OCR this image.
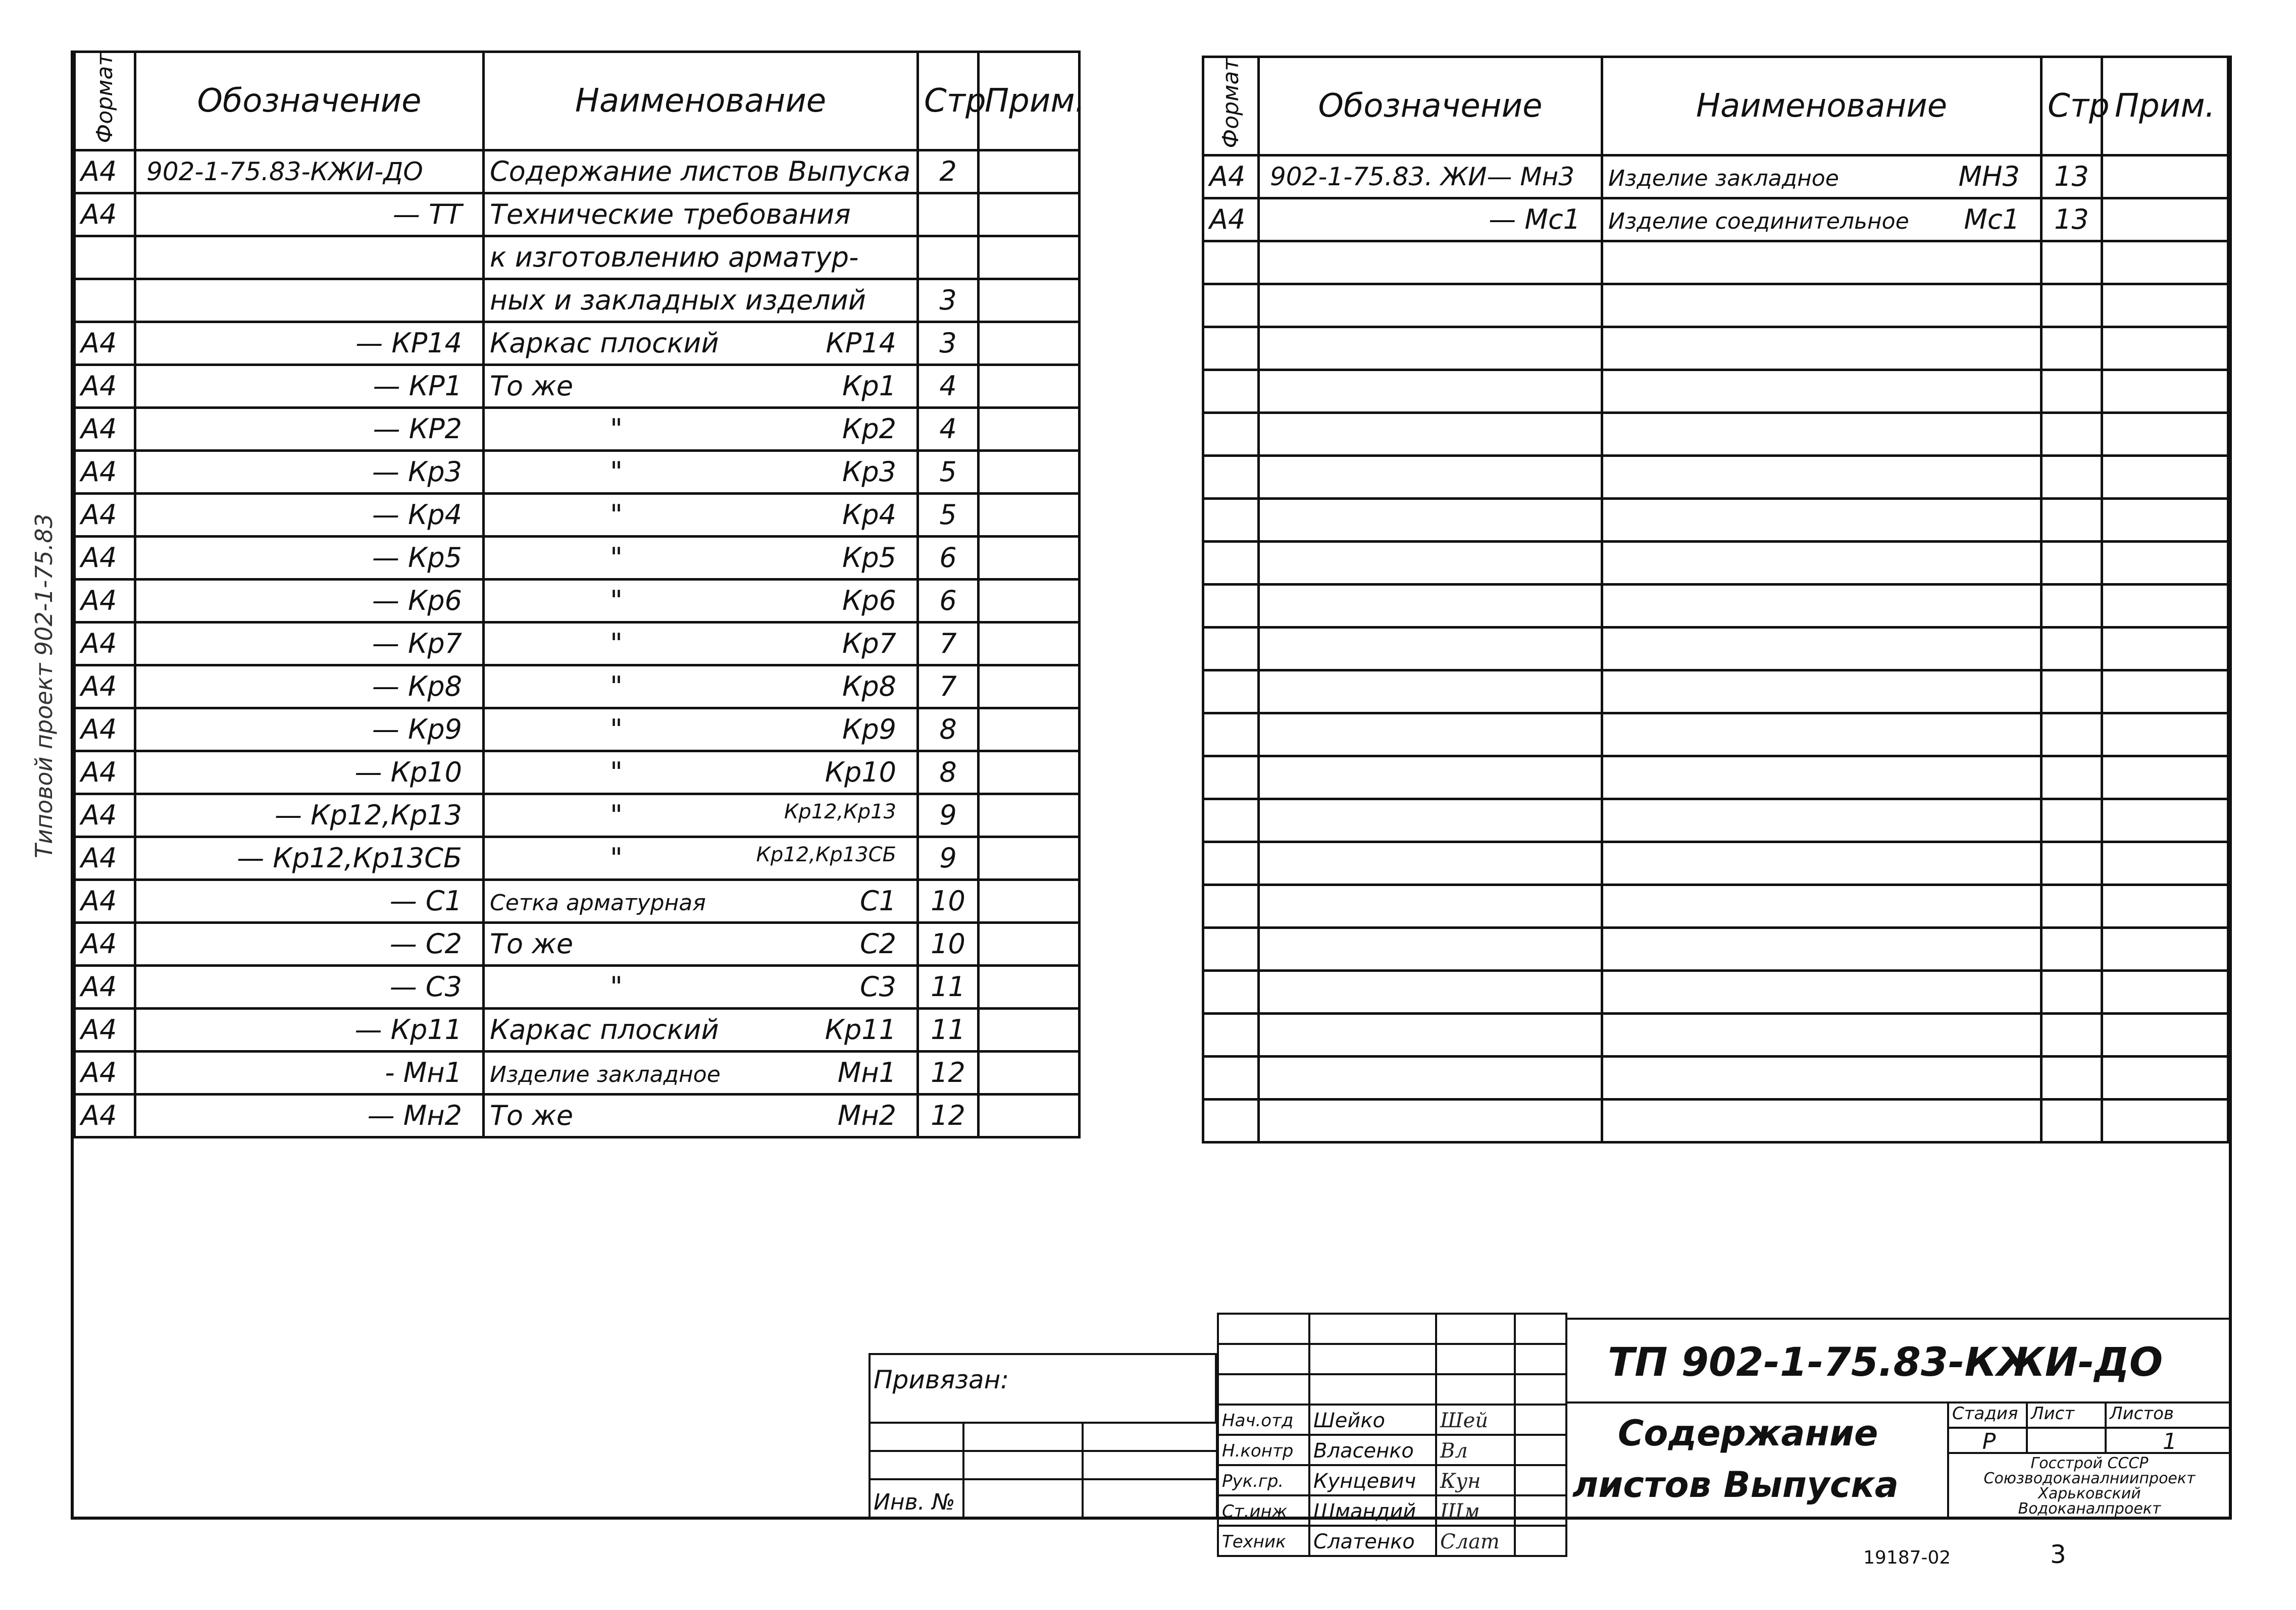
Типовой проект 902-1-75.83
Формат	Обозначение	Наименование	Стр	Прим.
А4	902-1-75.83-КЖИ-ДО	Содержание листов Выпуска	2	
А4	— ТТ	Технические требования		
		к изготовлению арматур-		
		ных и закладных изделий	3	
А4	— КР14	Каркас плоский КР14	3	
А4	— КР1	То же Кр1	4	
А4	— КР2	" Кр2	4	
А4	— Кр3	" Кр3	5	
А4	— Кр4	" Кр4	5	
А4	— Кр5	" Кр5	6	
А4	— Кр6	" Кр6	6	
А4	— Кр7	" Кр7	7	
А4	— Кр8	" Кр8	7	
А4	— Кр9	" Кр9	8	
А4	— Кр10	" Кр10	8	
А4	— Кр12,Кр13	" Кр12,Кр13	9	
А4	— Кр12,Кр13СБ	" Кр12,Кр13СБ	9	
А4	— С1	Сетка арматурная С1	10	
А4	— С2	То же С2	10	
А4	— С3	" С3	11	
А4	— Кр11	Каркас плоский Кр11	11	
А4	- Мн1	Изделие закладное Мн1	12	
А4	— Мн2	То же Мн2	12	
Формат	Обозначение	Наименование	Стр	Прим.
А4	902-1-75.83. ЖИ— Мн3	Изделие закладное МН3	13	
А4	— Мс1	Изделие соединительное Мс1	13	

Привязан:
Инв. №
Нач.отд Шейко	Шей
Н.контр Власенко	Вл
Рук.гр.	Кунцевич	Кун
Ст.инж	Шмандий	Шм
Техник	Слатенко	Слат
ТП 902-1-75.83-КЖИ-ДО
Содержание
листов Выпуска
Стадия Лист	Листов
Р	1
Госстрой СССР
Союзводоканалниипроект
Харьковский
Водоканалпроект
19187-02	3
